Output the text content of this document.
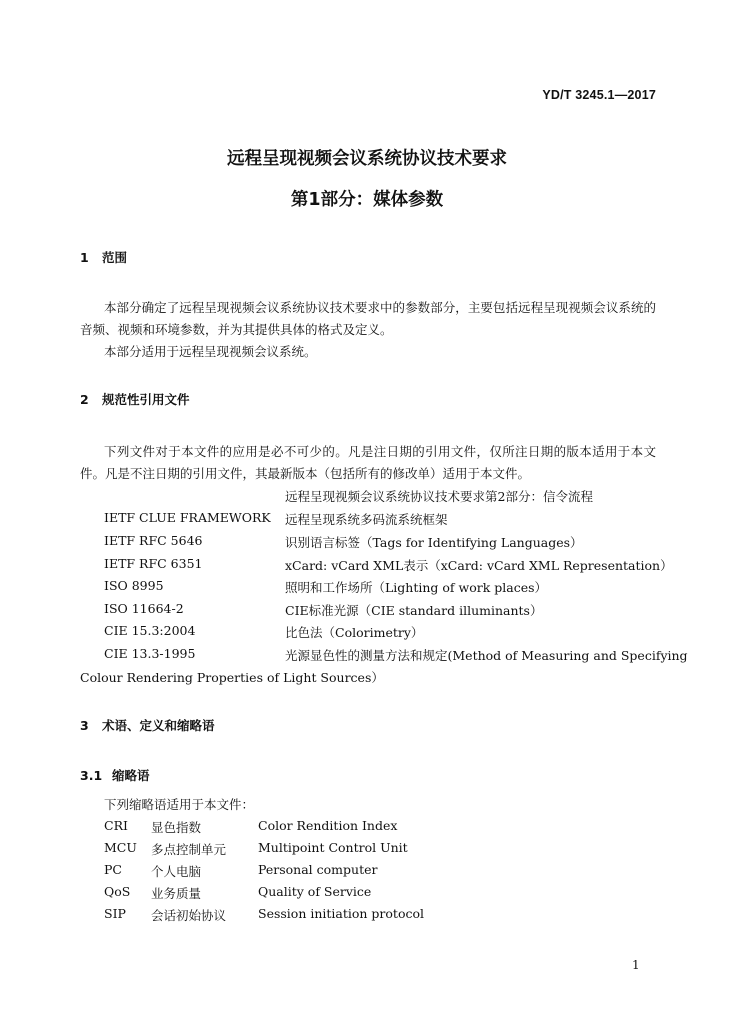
YD/T 3245.1—2017
远程呈现视频会议系统协议技术要求
第1部分：媒体参数
1 范围
本部分确定了远程呈现视频会议系统协议技术要求中的参数部分，主要包括远程呈现视频会议系统的音频、视频和环境参数，并为其提供具体的格式及定义。
本部分适用于远程呈现视频会议系统。
2 规范性引用文件
下列文件对于本文件的应用是必不可少的。凡是注日期的引用文件，仅所注日期的版本适用于本文件。凡是不注日期的引用文件，其最新版本（包括所有的修改单）适用于本文件。
远程呈现视频会议系统协议技术要求第2部分：信令流程
IETF CLUE FRAMEWORK 远程呈现系统多码流系统框架
IETF RFC 5646	识别语言标签（Tags for Identifying Languages）
IETF RFC 6351	xCard: vCard XML表示（xCard: vCard XML Representation）
ISO 8995	照明和工作场所（Lighting of work places）
ISO 11664-2	CIE标准光源（CIE standard illuminants）
CIE 15.3:2004	比色法（Colorimetry）
CIE 13.3-1995	光源显色性的测量方法和规定(Method of Measuring and Specifying
Colour Rendering Properties of Light Sources）
3 术语、定义和缩略语
3.1 缩略语
下列缩略语适用于本文件：
CRI 显色指数	Color Rendition Index
MCU 多点控制单元	Multipoint Control Unit
PC 个人电脑	Personal computer
QoS 业务质量	Quality of Service
SIP 会话初始协议	Session initiation protocol
1
